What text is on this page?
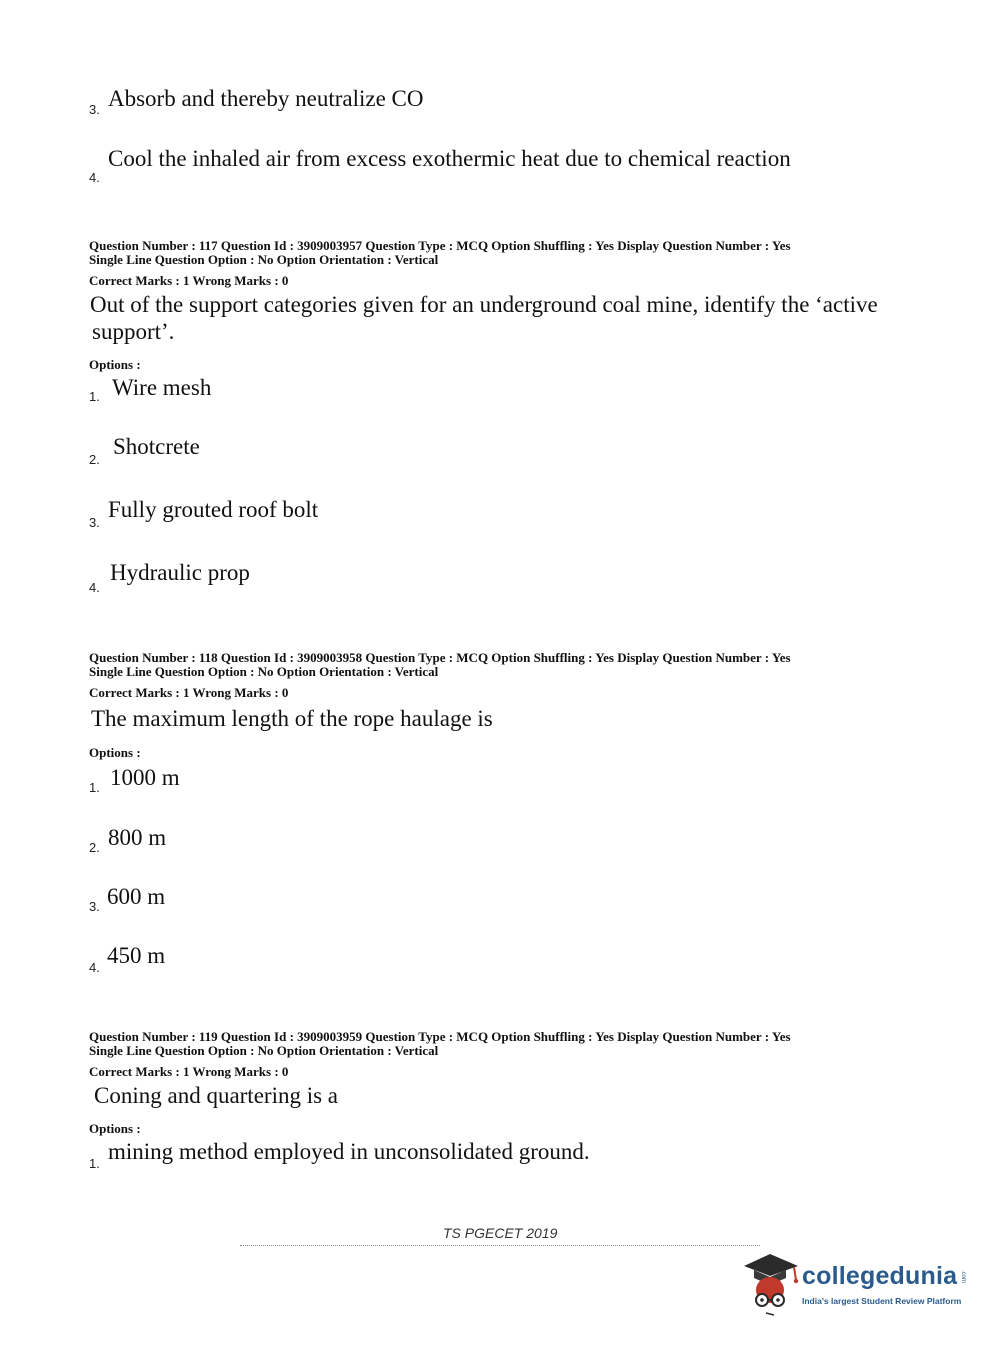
3. Absorb and thereby neutralize CO
4.
Cool the inhaled air from excess exothermic heat due to chemical reaction
Question Number : 117 Question Id : 3909003957 Question Type : MCQ Option Shuffling : Yes Display Question Number : Yes
Single Line Question Option : No Option Orientation : Vertical
Correct Marks : 1 Wrong Marks : 0
Out of the support categories given for an underground coal mine, identify the ‘active
support’.
Options :
1. Wire mesh
2.
Shotcrete
3.
Fully grouted roof bolt
4.
Hydraulic prop
Question Number : 118 Question Id : 3909003958 Question Type : MCQ Option Shuffling : Yes Display Question Number : Yes
Single Line Question Option : No Option Orientation : Vertical
Correct Marks : 1 Wrong Marks : 0
The maximum length of the rope haulage is
Options :
1. 1000 m
2. 800 m
3. 600 m
4. 450 m
Question Number : 119 Question Id : 3909003959 Question Type : MCQ Option Shuffling : Yes Display Question Number : Yes
Single Line Question Option : No Option Orientation : Vertical
Correct Marks : 1 Wrong Marks : 0
Coning and quartering is a
Options :
1. mining method employed in unconsolidated ground.
TS PGECET 2019
collegedunia .com
India's largest Student Review Platform
